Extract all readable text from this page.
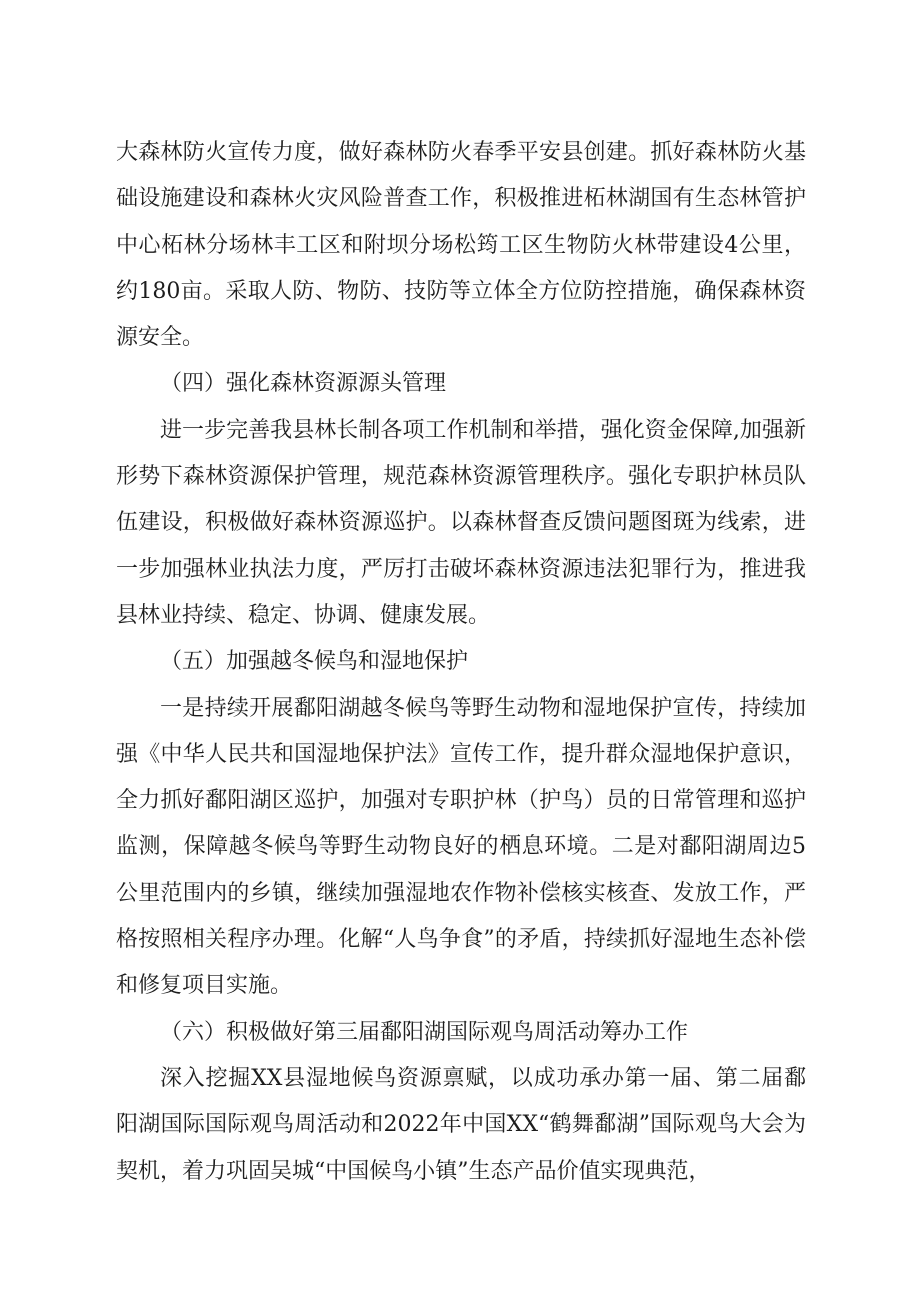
大森林防火宣传力度，做好森林防火春季平安县创建。抓好森林防火基础设施建设和森林火灾风险普查工作，积极推进柘林湖国有生态林管护中心柘林分场林丰工区和附坝分场松筠工区生物防火林带建设4公里，约180亩。采取人防、物防、技防等立体全方位防控措施，确保森林资源安全。

（四）强化森林资源源头管理

进一步完善我县林长制各项工作机制和举措，强化资金保障,加强新形势下森林资源保护管理，规范森林资源管理秩序。强化专职护林员队伍建设，积极做好森林资源巡护。以森林督查反馈问题图斑为线索，进一步加强林业执法力度，严厉打击破坏森林资源违法犯罪行为，推进我县林业持续、稳定、协调、健康发展。

（五）加强越冬候鸟和湿地保护

一是持续开展鄱阳湖越冬候鸟等野生动物和湿地保护宣传，持续加强《中华人民共和国湿地保护法》宣传工作，提升群众湿地保护意识，全力抓好鄱阳湖区巡护，加强对专职护林（护鸟）员的日常管理和巡护监测，保障越冬候鸟等野生动物良好的栖息环境。二是对鄱阳湖周边5公里范围内的乡镇，继续加强湿地农作物补偿核实核查、发放工作，严格按照相关程序办理。化解“人鸟争食”的矛盾，持续抓好湿地生态补偿和修复项目实施。

（六）积极做好第三届鄱阳湖国际观鸟周活动筹办工作

深入挖掘XX县湿地候鸟资源禀赋，以成功承办第一届、第二届鄱阳湖国际国际观鸟周活动和2022年中国XX“鹤舞鄱湖”国际观鸟大会为契机，着力巩固吴城“中国候鸟小镇”生态产品价值实现典范，
